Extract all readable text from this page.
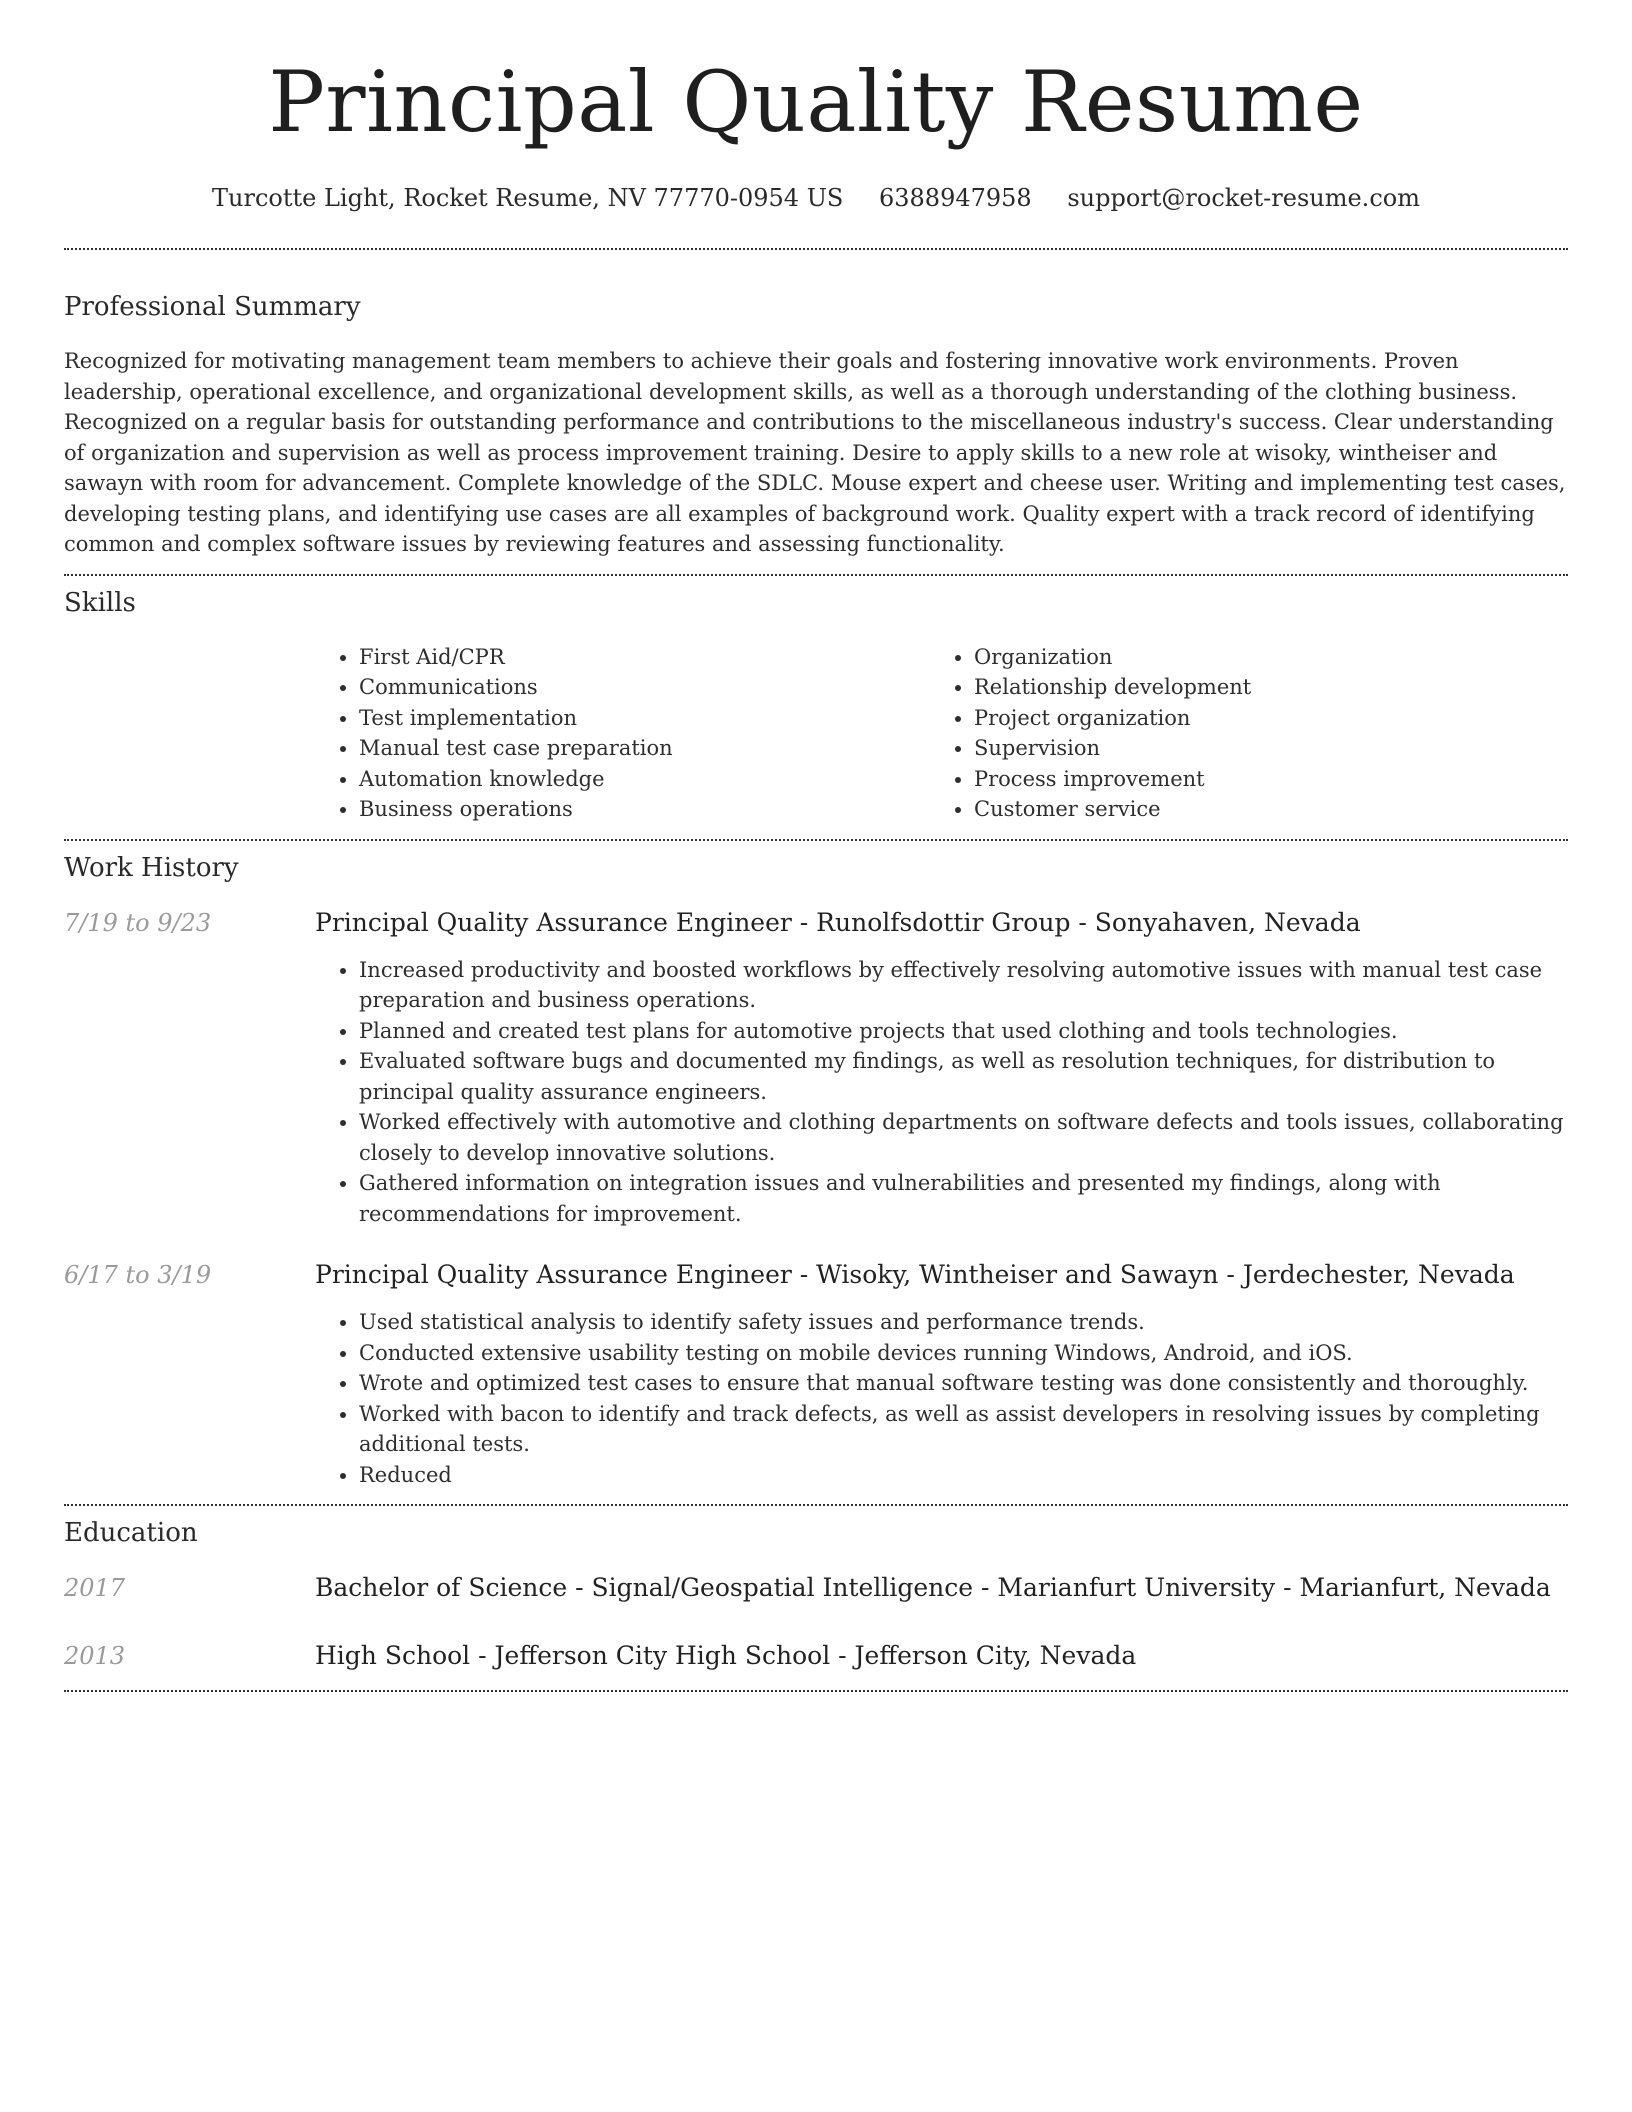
Principal Quality Resume
Turcotte Light, Rocket Resume, NV 77770-0954 US 6388947958 support@rocket-resume.com
Professional Summary

Recognized for motivating management team members to achieve their goals and fostering innovative work environments. Proven leadership, operational excellence, and organizational development skills, as well as a thorough understanding of the clothing business. Recognized on a regular basis for outstanding performance and contributions to the miscellaneous industry's success. Clear understanding of organization and supervision as well as process improvement training. Desire to apply skills to a new role at wisoky, wintheiser and sawayn with room for advancement. Complete knowledge of the SDLC. Mouse expert and cheese user. Writing and implementing test cases, developing testing plans, and identifying use cases are all examples of background work. Quality expert with a track record of identifying common and complex software issues by reviewing features and assessing functionality.

Skills
• First Aid/CPR
• Communications
• Test implementation
• Manual test case preparation
• Automation knowledge
• Business operations
• Organization
• Relationship development
• Project organization
• Supervision
• Process improvement
• Customer service
Work History
7/19 to 9/23	Principal Quality Assurance Engineer - Runolfsdottir Group - Sonyahaven, Nevada
• Increased productivity and boosted workflows by effectively resolving automotive issues with manual test case preparation and business operations.
• Planned and created test plans for automotive projects that used clothing and tools technologies.
• Evaluated software bugs and documented my findings, as well as resolution techniques, for distribution to principal quality assurance engineers.
• Worked effectively with automotive and clothing departments on software defects and tools issues, collaborating closely to develop innovative solutions.
• Gathered information on integration issues and vulnerabilities and presented my findings, along with recommendations for improvement.
6/17 to 3/19	Principal Quality Assurance Engineer - Wisoky, Wintheiser and Sawayn - Jerdechester, Nevada
• Used statistical analysis to identify safety issues and performance trends.
• Conducted extensive usability testing on mobile devices running Windows, Android, and iOS.
• Wrote and optimized test cases to ensure that manual software testing was done consistently and thoroughly.
• Worked with bacon to identify and track defects, as well as assist developers in resolving issues by completing additional tests.
• Reduced
Education
2017	Bachelor of Science - Signal/Geospatial Intelligence - Marianfurt University - Marianfurt, Nevada
2013	High School - Jefferson City High School - Jefferson City, Nevada
